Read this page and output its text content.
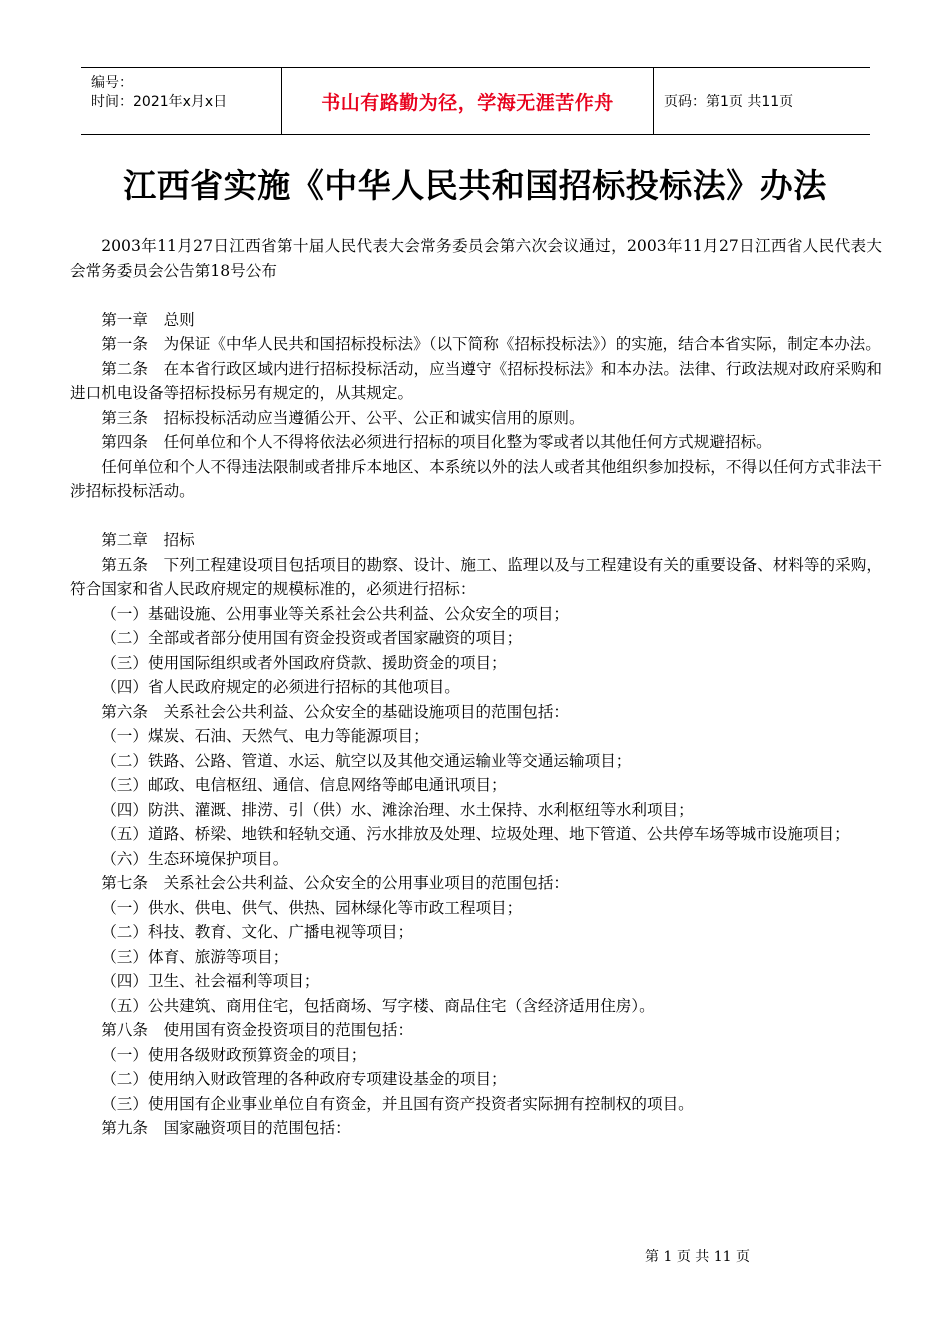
编号：
时间：2021年x月x日	书山有路勤为径，学海无涯苦作舟	页码：第1页 共11页
江西省实施《中华人民共和国招标投标法》办法

2003年11月27日江西省第十届人民代表大会常务委员会第六次会议通过，2003年11月27日江西省人民代表大会常务委员会公告第18号公布

第一章　总则

第一条　为保证《中华人民共和国招标投标法》（以下简称《招标投标法》）的实施，结合本省实际，制定本办法。

第二条　在本省行政区域内进行招标投标活动，应当遵守《招标投标法》和本办法。法律、行政法规对政府采购和进口机电设备等招标投标另有规定的，从其规定。

第三条　招标投标活动应当遵循公开、公平、公正和诚实信用的原则。

第四条　任何单位和个人不得将依法必须进行招标的项目化整为零或者以其他任何方式规避招标。

任何单位和个人不得违法限制或者排斥本地区、本系统以外的法人或者其他组织参加投标，不得以任何方式非法干涉招标投标活动。

第二章　招标

第五条　下列工程建设项目包括项目的勘察、设计、施工、监理以及与工程建设有关的重要设备、材料等的采购，符合国家和省人民政府规定的规模标准的，必须进行招标：

（一）基础设施、公用事业等关系社会公共利益、公众安全的项目；

（二）全部或者部分使用国有资金投资或者国家融资的项目；

（三）使用国际组织或者外国政府贷款、援助资金的项目；

（四）省人民政府规定的必须进行招标的其他项目。

第六条　关系社会公共利益、公众安全的基础设施项目的范围包括：

（一）煤炭、石油、天然气、电力等能源项目；

（二）铁路、公路、管道、水运、航空以及其他交通运输业等交通运输项目；

（三）邮政、电信枢纽、通信、信息网络等邮电通讯项目；

（四）防洪、灌溉、排涝、引（供）水、滩涂治理、水土保持、水利枢纽等水利项目；

（五）道路、桥梁、地铁和轻轨交通、污水排放及处理、垃圾处理、地下管道、公共停车场等城市设施项目；

（六）生态环境保护项目。

第七条　关系社会公共利益、公众安全的公用事业项目的范围包括：

（一）供水、供电、供气、供热、园林绿化等市政工程项目；

（二）科技、教育、文化、广播电视等项目；

（三）体育、旅游等项目；

（四）卫生、社会福利等项目；

（五）公共建筑、商用住宅，包括商场、写字楼、商品住宅（含经济适用住房）。

第八条　使用国有资金投资项目的范围包括：

（一）使用各级财政预算资金的项目；

（二）使用纳入财政管理的各种政府专项建设基金的项目；

（三）使用国有企业事业单位自有资金，并且国有资产投资者实际拥有控制权的项目。

第九条　国家融资项目的范围包括：

第 1 页 共 11 页
